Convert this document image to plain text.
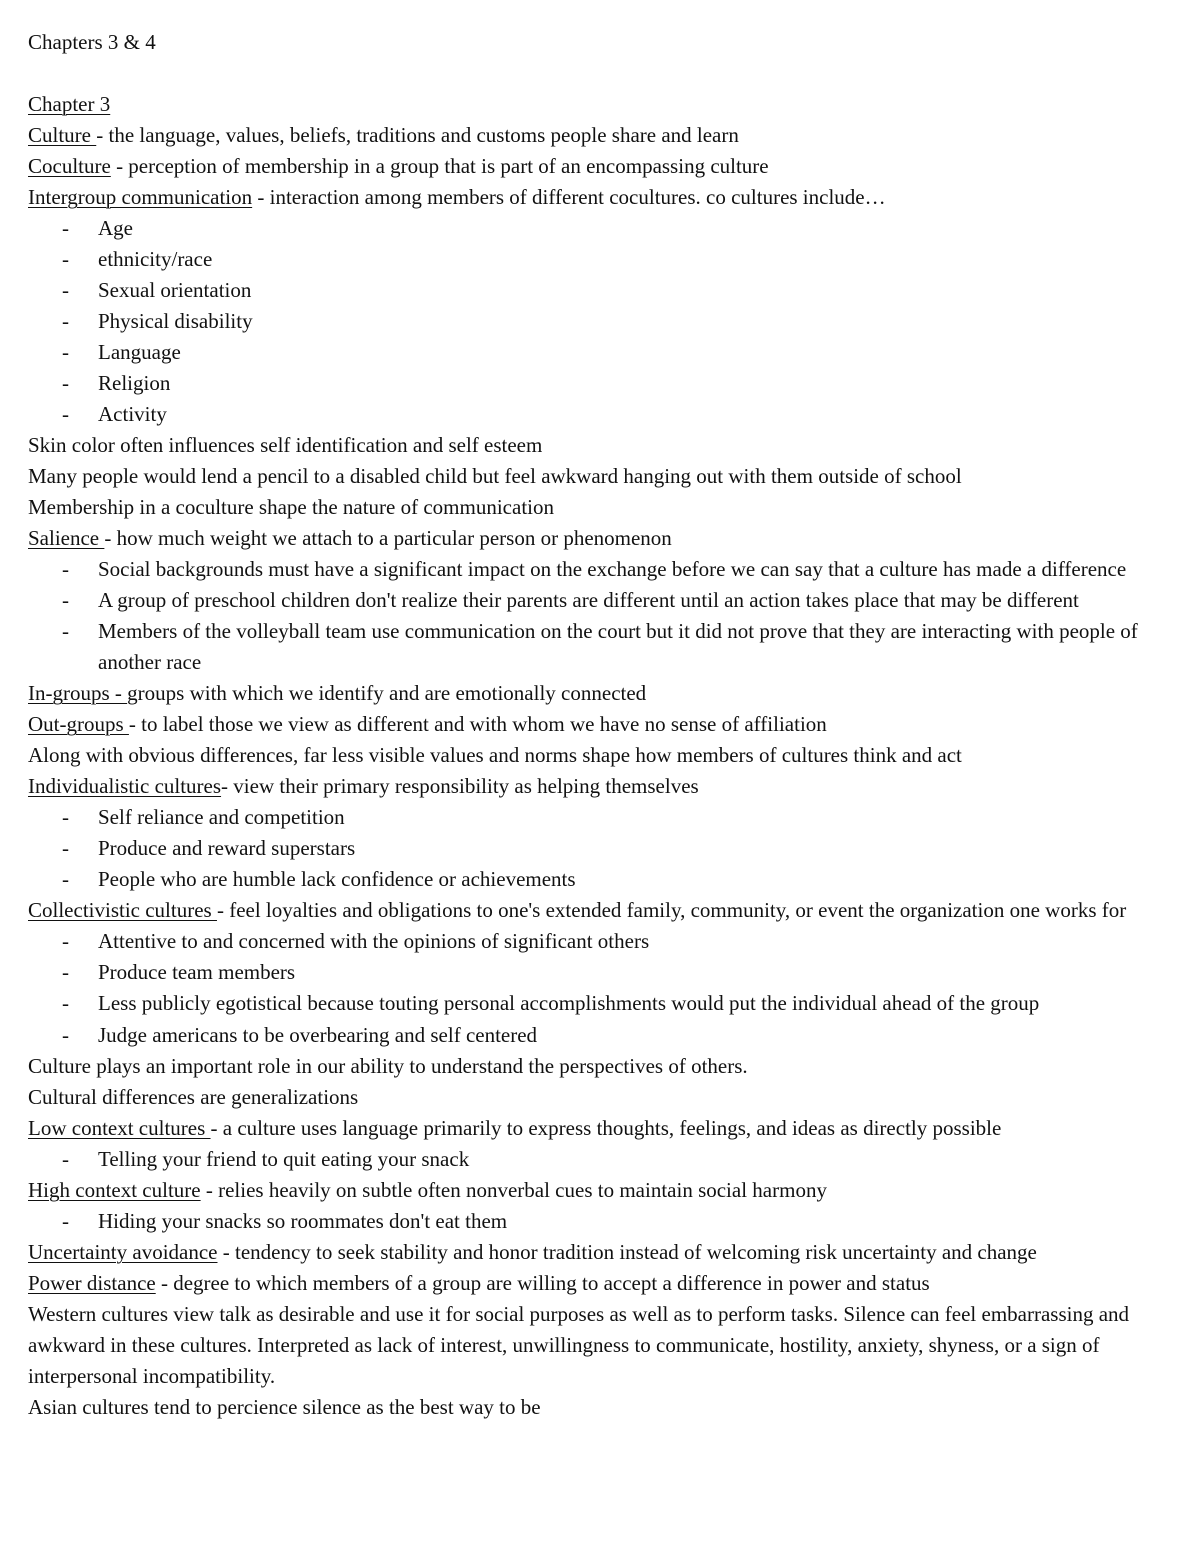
Chapters 3 & 4

Chapter 3

Culture - the language, values, beliefs, traditions and customs people share and learn

Coculture - perception of membership in a group that is part of an encompassing culture

Intergroup communication - interaction among members of different cocultures. co cultures include…

- Age
- ethnicity/race
- Sexual orientation
- Physical disability
- Language
- Religion
- Activity

Skin color often influences self identification and self esteem

Many people would lend a pencil to a disabled child but feel awkward hanging out with them outside of school

Membership in a coculture shape the nature of communication

Salience - how much weight we attach to a particular person or phenomenon

- Social backgrounds must have a significant impact on the exchange before we can say that a culture has made a difference
- A group of preschool children don't realize their parents are different until an action takes place that may be different
- Members of the volleyball team use communication on the court but it did not prove that they are interacting with people of another race

In-groups - groups with which we identify and are emotionally connected

Out-groups - to label those we view as different and with whom we have no sense of affiliation

Along with obvious differences, far less visible values and norms shape how members of cultures think and act

Individualistic cultures- view their primary responsibility as helping themselves

- Self reliance and competition
- Produce and reward superstars
- People who are humble lack confidence or achievements

Collectivistic cultures - feel loyalties and obligations to one's extended family, community, or event the organization one works for

- Attentive to and concerned with the opinions of significant others
- Produce team members
- Less publicly egotistical because touting personal accomplishments would put the individual ahead of the group
- Judge americans to be overbearing and self centered

Culture plays an important role in our ability to understand the perspectives of others.

Cultural differences are generalizations

Low context cultures - a culture uses language primarily to express thoughts, feelings, and ideas as directly possible

- Telling your friend to quit eating your snack

High context culture - relies heavily on subtle often nonverbal cues to maintain social harmony

- Hiding your snacks so roommates don't eat them

Uncertainty avoidance - tendency to seek stability and honor tradition instead of welcoming risk uncertainty and change

Power distance - degree to which members of a group are willing to accept a difference in power and status

Western cultures view talk as desirable and use it for social purposes as well as to perform tasks. Silence can feel embarrassing and awkward in these cultures. Interpreted as lack of interest, unwillingness to communicate, hostility, anxiety, shyness, or a sign of interpersonal incompatibility.

Asian cultures tend to percience silence as the best way to be
